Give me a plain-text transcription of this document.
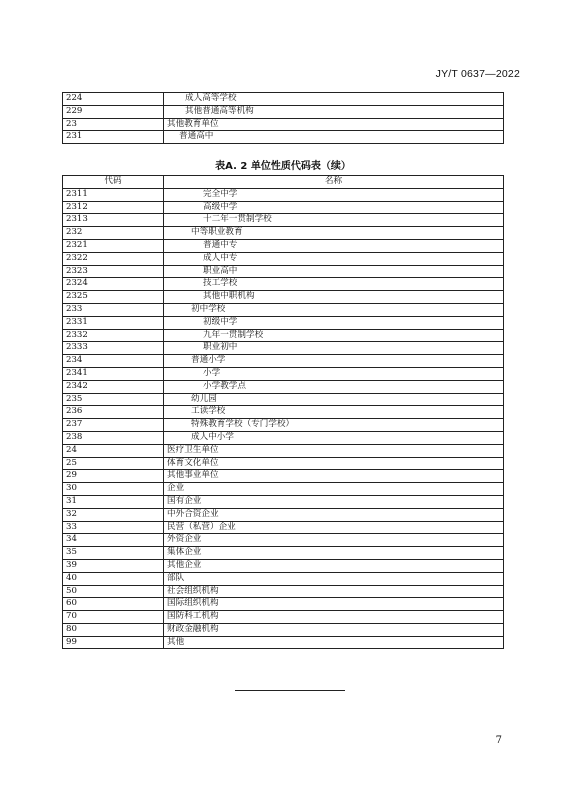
JY/T 0637—2022
224	成人高等学校
229	其他普通高等机构
23	其他教育单位
231	普通高中
表A. 2 单位性质代码表（续）
代码	名称
2311	完全中学
2312	高级中学
2313	十二年一贯制学校
232	中等职业教育
2321	普通中专
2322	成人中专
2323	职业高中
2324	技工学校
2325	其他中职机构
233	初中学校
2331	初级中学
2332	九年一贯制学校
2333	职业初中
234	普通小学
2341	小学
2342	小学教学点
235	幼儿园
236	工读学校
237	特殊教育学校（专门学校）
238	成人中小学
24	医疗卫生单位
25	体育文化单位
29	其他事业单位
30	企业
31	国有企业
32	中外合资企业
33	民营（私营）企业
34	外资企业
35	集体企业
39	其他企业
40	部队
50	社会组织机构
60	国际组织机构
70	国防科工机构
80	财政金融机构
99	其他
7
